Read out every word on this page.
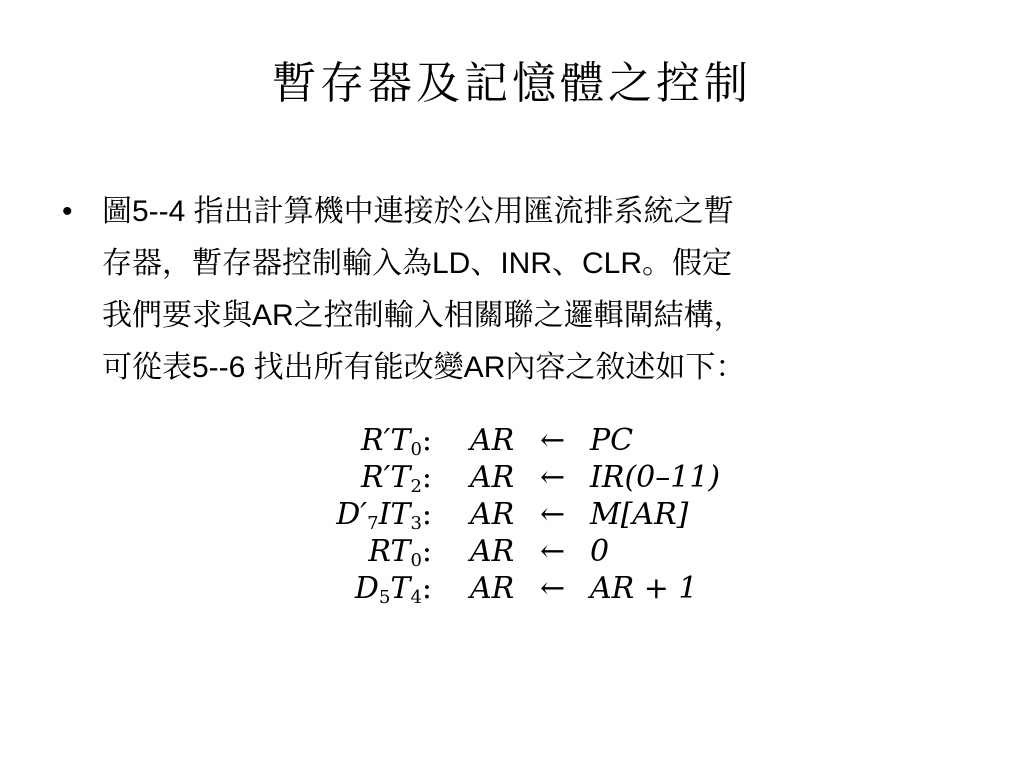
暫存器及記憶體之控制
• 圖5--4 指出計算機中連接於公用匯流排系統之暫
存器，暫存器控制輸入為LD、INR、CLR。假定
我們要求與AR之控制輸入相關聯之邏輯閘結構，
可從表5--6 找出所有能改變AR內容之敘述如下：
$R'T_0$: AR ← PC
$R'T_2$: AR ← IR(0–11)
$D'_7IT_3$: AR ← M[AR]
$RT_0$: AR ← 0
$D_5T_4$: AR ← AR + 1
